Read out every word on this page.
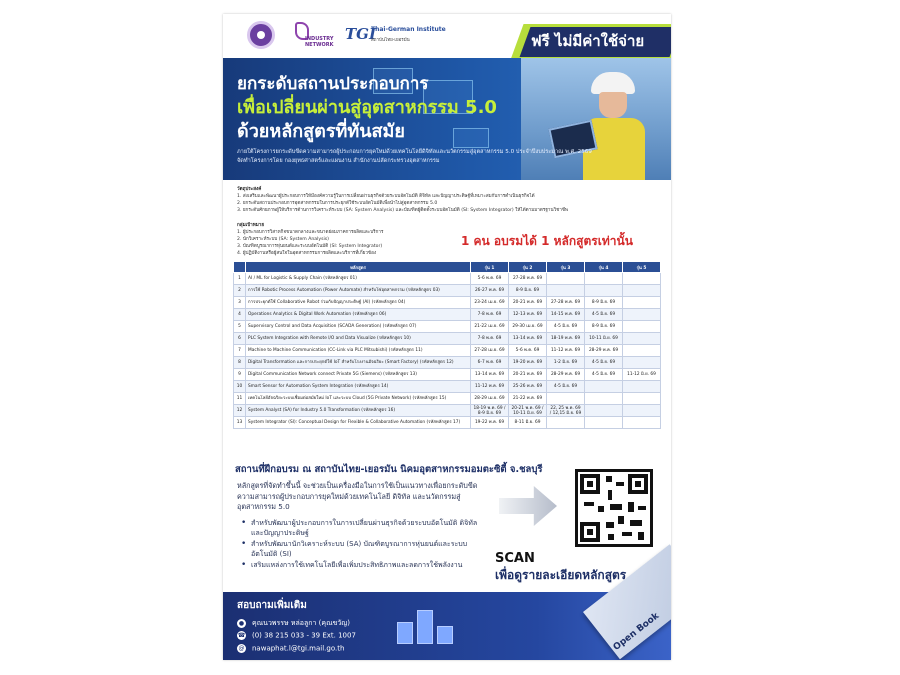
INDUSTRY NETWORK
TGI
Thai-German Institute
สถาบันไทย-เยอรมัน	ฟรี ไม่มีค่าใช้จ่าย
ยกระดับสถานประกอบการ
เพื่อเปลี่ยนผ่านสู่อุตสาหกรรม 5.0
ด้วยหลักสูตรที่ทันสมัย
ภายใต้โครงการยกระดับขีดความสามารถผู้ประกอบการยุคใหม่ด้วยเทคโนโลยีดิจิทัลและนวัตกรรมสู่อุตสาหกรรม 5.0 ประจำปีงบประมาณ พ.ศ. 2569 จัดทำโครงการโดย กองยุทธศาสตร์และแผนงาน สำนักงานปลัดกระทรวงอุตสาหกรรม
วัตถุประสงค์
1. ส่งเสริมและพัฒนาผู้ประกอบการให้มีองค์ความรู้ในการเปลี่ยนผ่านธุรกิจด้วยระบบอัตโนมัติ ดิจิทัล และปัญญาประดิษฐ์ที่เหมาะสมกับการดำเนินธุรกิจได้
2. ยกระดับสถานประกอบการอุตสาหกรรมในการประยุกต์ใช้ระบบอัตโนมัติเพื่อนำไปสู่อุตสาหกรรม 5.0
3. ยกระดับศักยภาพผู้ให้บริการด้านการวิเคราะห์ระบบ (SA: System Analysis) และบัณฑิตผู้ติดตั้งระบบอัตโนมัติ (SI: System Integrator) ให้ได้ตามมาตรฐานวิชาชีพ
กลุ่มเป้าหมาย
1. ผู้ประกอบการวิสาหกิจขนาดกลางและขนาดย่อมภาคการผลิตและบริการ
2. นักวิเคราะห์ระบบ (SA: System Analysis)
3. บัณฑิตบูรณาการหุ่นยนต์และระบบอัตโนมัติ (SI: System Integrator)
4. ผู้ปฏิบัติงานหรือผู้สนใจในอุตสาหกรรมการผลิตและบริการที่เกี่ยวข้อง
1 คน อบรมได้ 1 หลักสูตรเท่านั้น
	หลักสูตร	รุ่น 1	รุ่น 2	รุ่น 3	รุ่น 4	รุ่น 5
1	AI / ML for Logistic & Supply Chain (รหัสหลักสูตร 01)	5-6 พ.ค. 69	27-28 พ.ค. 69			
2	การใช้ Robotic Process Automation (Power Automate) สำหรับโซ่อุตสาหกรรม (รหัสหลักสูตร 03)	26-27 พ.ค. 69	8-9 มิ.ย. 69			
3	การประยุกต์ใช้ Collaborative Robot ร่วมกับปัญญาประดิษฐ์ (AI) (รหัสหลักสูตร 04)	23-24 เม.ย. 69	20-21 พ.ค. 69	27-28 พ.ค. 69	8-9 มิ.ย. 69	
4	Operations Analytics & Digital Work Automation (รหัสหลักสูตร 06)	7-8 พ.ค. 69	12-13 พ.ค. 69	14-15 พ.ค. 69	4-5 มิ.ย. 69	
5	Supervisory Control and Data Acquisition (SCADA Generation) (รหัสหลักสูตร 07)	21-22 เม.ย. 69	29-30 เม.ย. 69	4-5 มิ.ย. 69	8-9 มิ.ย. 69	
6	PLC System Integration with Remote I/O and Data Visualize (รหัสหลักสูตร 10)	7-8 พ.ค. 69	13-14 พ.ค. 69	18-19 พ.ค. 69	10-11 มิ.ย. 69	
7	Machine to Machine Communication (CC-Link via PLC Mitsubishi) (รหัสหลักสูตร 11)	27-28 เม.ย. 69	5-6 พ.ค. 69	11-12 พ.ค. 69	28-29 พ.ค. 69	
8	Digital Transformation และการประยุกต์ใช้ IoT สำหรับโรงงานอัจฉริยะ (Smart Factory) (รหัสหลักสูตร 12)	6-7 พ.ค. 69	19-20 พ.ค. 69	1-2 มิ.ย. 69	4-5 มิ.ย. 69	
9	Digital Communication Network connect Private 5G (Siemens) (รหัสหลักสูตร 13)	13-14 พ.ค. 69	20-21 พ.ค. 69	28-29 พ.ค. 69	4-5 มิ.ย. 69	11-12 มิ.ย. 69
10	Smart Sensor for Automation System Integration (รหัสหลักสูตร 14)	11-12 พ.ค. 69	25-26 พ.ค. 69	4-5 มิ.ย. 69		
11	เทคโนโลยีอัจฉริยะระบบเชื่อมต่อสมัยใหม่ IoT และระบบ Cloud (5G Private Network) (รหัสหลักสูตร 15)	28-29 เม.ย. 69	21-22 พ.ค. 69			
12	System Analyst (SA) for Industry 5.0 Transformation (รหัสหลักสูตร 16)	18-19 พ.ค. 69 / 8-9 มิ.ย. 69	20-21 พ.ค. 69 / 10-11 มิ.ย. 69	22, 25 พ.ค. 69 / 12,15 มิ.ย. 69		
13	System Integrator (SI): Conceptual Design for Flexible & Collaborative Automation (รหัสหลักสูตร 17)	19-22 พ.ค. 69	8-11 มิ.ย. 69			
สถานที่ฝึกอบรม ณ สถาบันไทย-เยอรมัน นิคมอุตสาหกรรมอมตะซิตี้ จ.ชลบุรี
หลักสูตรที่จัดทำขึ้นนี้ จะช่วยเป็นเครื่องมือในการใช้เป็นแนวทางเพื่อยกระดับขีดความสามารถผู้ประกอบการยุคใหม่ด้วยเทคโนโลยี ดิจิทัล และนวัตกรรมสู่อุตสาหกรรม 5.0
• สำหรับพัฒนาผู้ประกอบการในการเปลี่ยนผ่านธุรกิจด้วยระบบอัตโนมัติ ดิจิทัล และปัญญาประดิษฐ์
• สำหรับพัฒนานักวิเคราะห์ระบบ (SA) บัณฑิตบูรณาการหุ่นยนต์และระบบอัตโนมัติ (SI)
• เสริมแหล่งการใช้เทคโนโลยีเพื่อเพิ่มประสิทธิภาพและลดการใช้พลังงาน	SCAN
เพื่อดูรายละเอียดหลักสูตร
สอบถามเพิ่มเติม
● คุณนวพรรษ หล่อลูกา (คุณขวัญ)
☎ (0) 38 215 033 - 39 Ext. 1007
@ nawaphat.l@tgi.mail.go.th	Open Book
